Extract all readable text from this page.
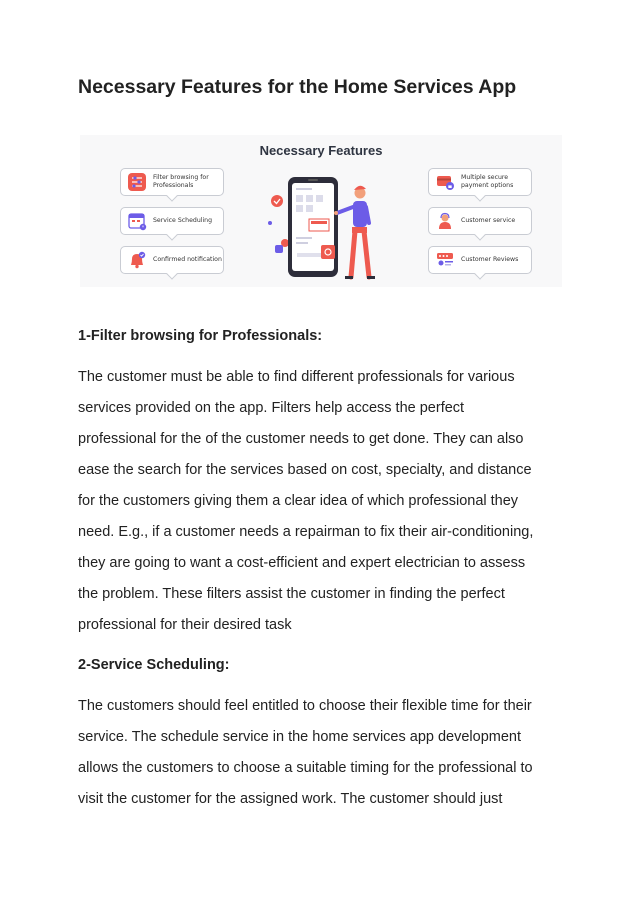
Necessary Features for the Home Services App
Necessary Features
Filter browsing for
Professionals
Service Scheduling
Confirmed notification
Multiple secure
payment options
Customer service
Customer Reviews
1-Filter browsing for Professionals:
The customer must be able to find different professionals for various
services provided on the app. Filters help access the perfect
professional for the of the customer needs to get done. They can also
ease the search for the services based on cost, specialty, and distance
for the customers giving them a clear idea of which professional they
need. E.g., if a customer needs a repairman to fix their air-conditioning,
they are going to want a cost-efficient and expert electrician to assess
the problem. These filters assist the customer in finding the perfect
professional for their desired task
2-Service Scheduling:
The customers should feel entitled to choose their flexible time for their
service. The schedule service in the home services app development
allows the customers to choose a suitable timing for the professional to
visit the customer for the assigned work. The customer should just
